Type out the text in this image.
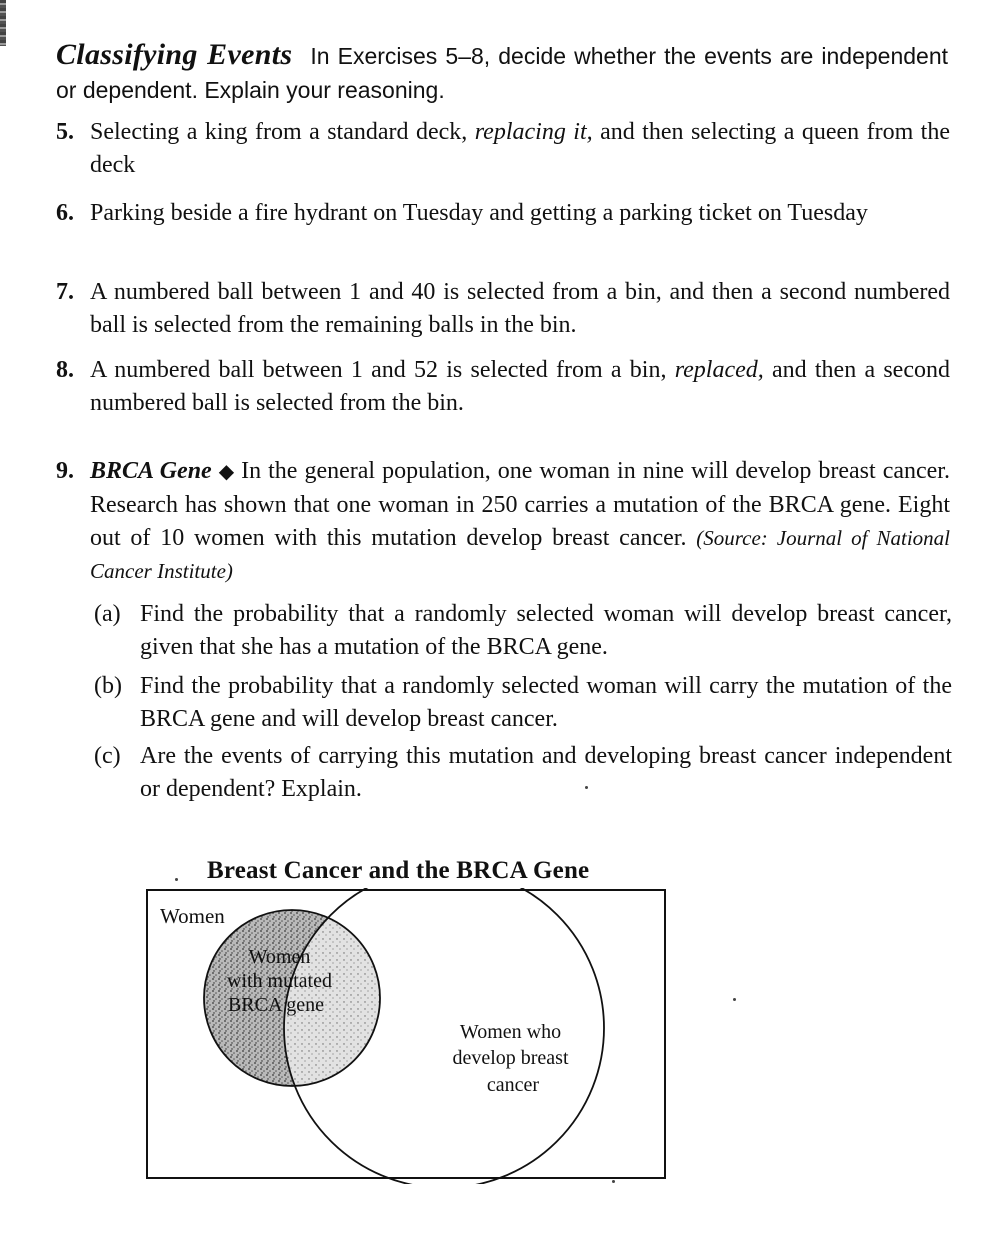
Classifying Events In Exercises 5–8, decide whether the events are independent or dependent. Explain your reasoning.
5. Selecting a king from a standard deck, replacing it, and then selecting a queen from the deck
6. Parking beside a fire hydrant on Tuesday and getting a parking ticket on Tuesday
7. A numbered ball between 1 and 40 is selected from a bin, and then a second numbered ball is selected from the remaining balls in the bin.
8. A numbered ball between 1 and 52 is selected from a bin, replaced, and then a second numbered ball is selected from the bin.
9. BRCA Gene ◆ In the general population, one woman in nine will develop breast cancer. Research has shown that one woman in 250 carries a mutation of the BRCA gene. Eight out of 10 women with this mutation develop breast cancer. (Source: Journal of National Cancer Institute)
(a) Find the probability that a randomly selected woman will develop breast cancer, given that she has a mutation of the BRCA gene.
(b) Find the probability that a randomly selected woman will carry the mutation of the BRCA gene and will develop breast cancer.
(c) Are the events of carrying this mutation and developing breast cancer independent or dependent? Explain.
Breast Cancer and the BRCA Gene
Women
Women with mutated BRCA gene
Women who develop breast cancer
